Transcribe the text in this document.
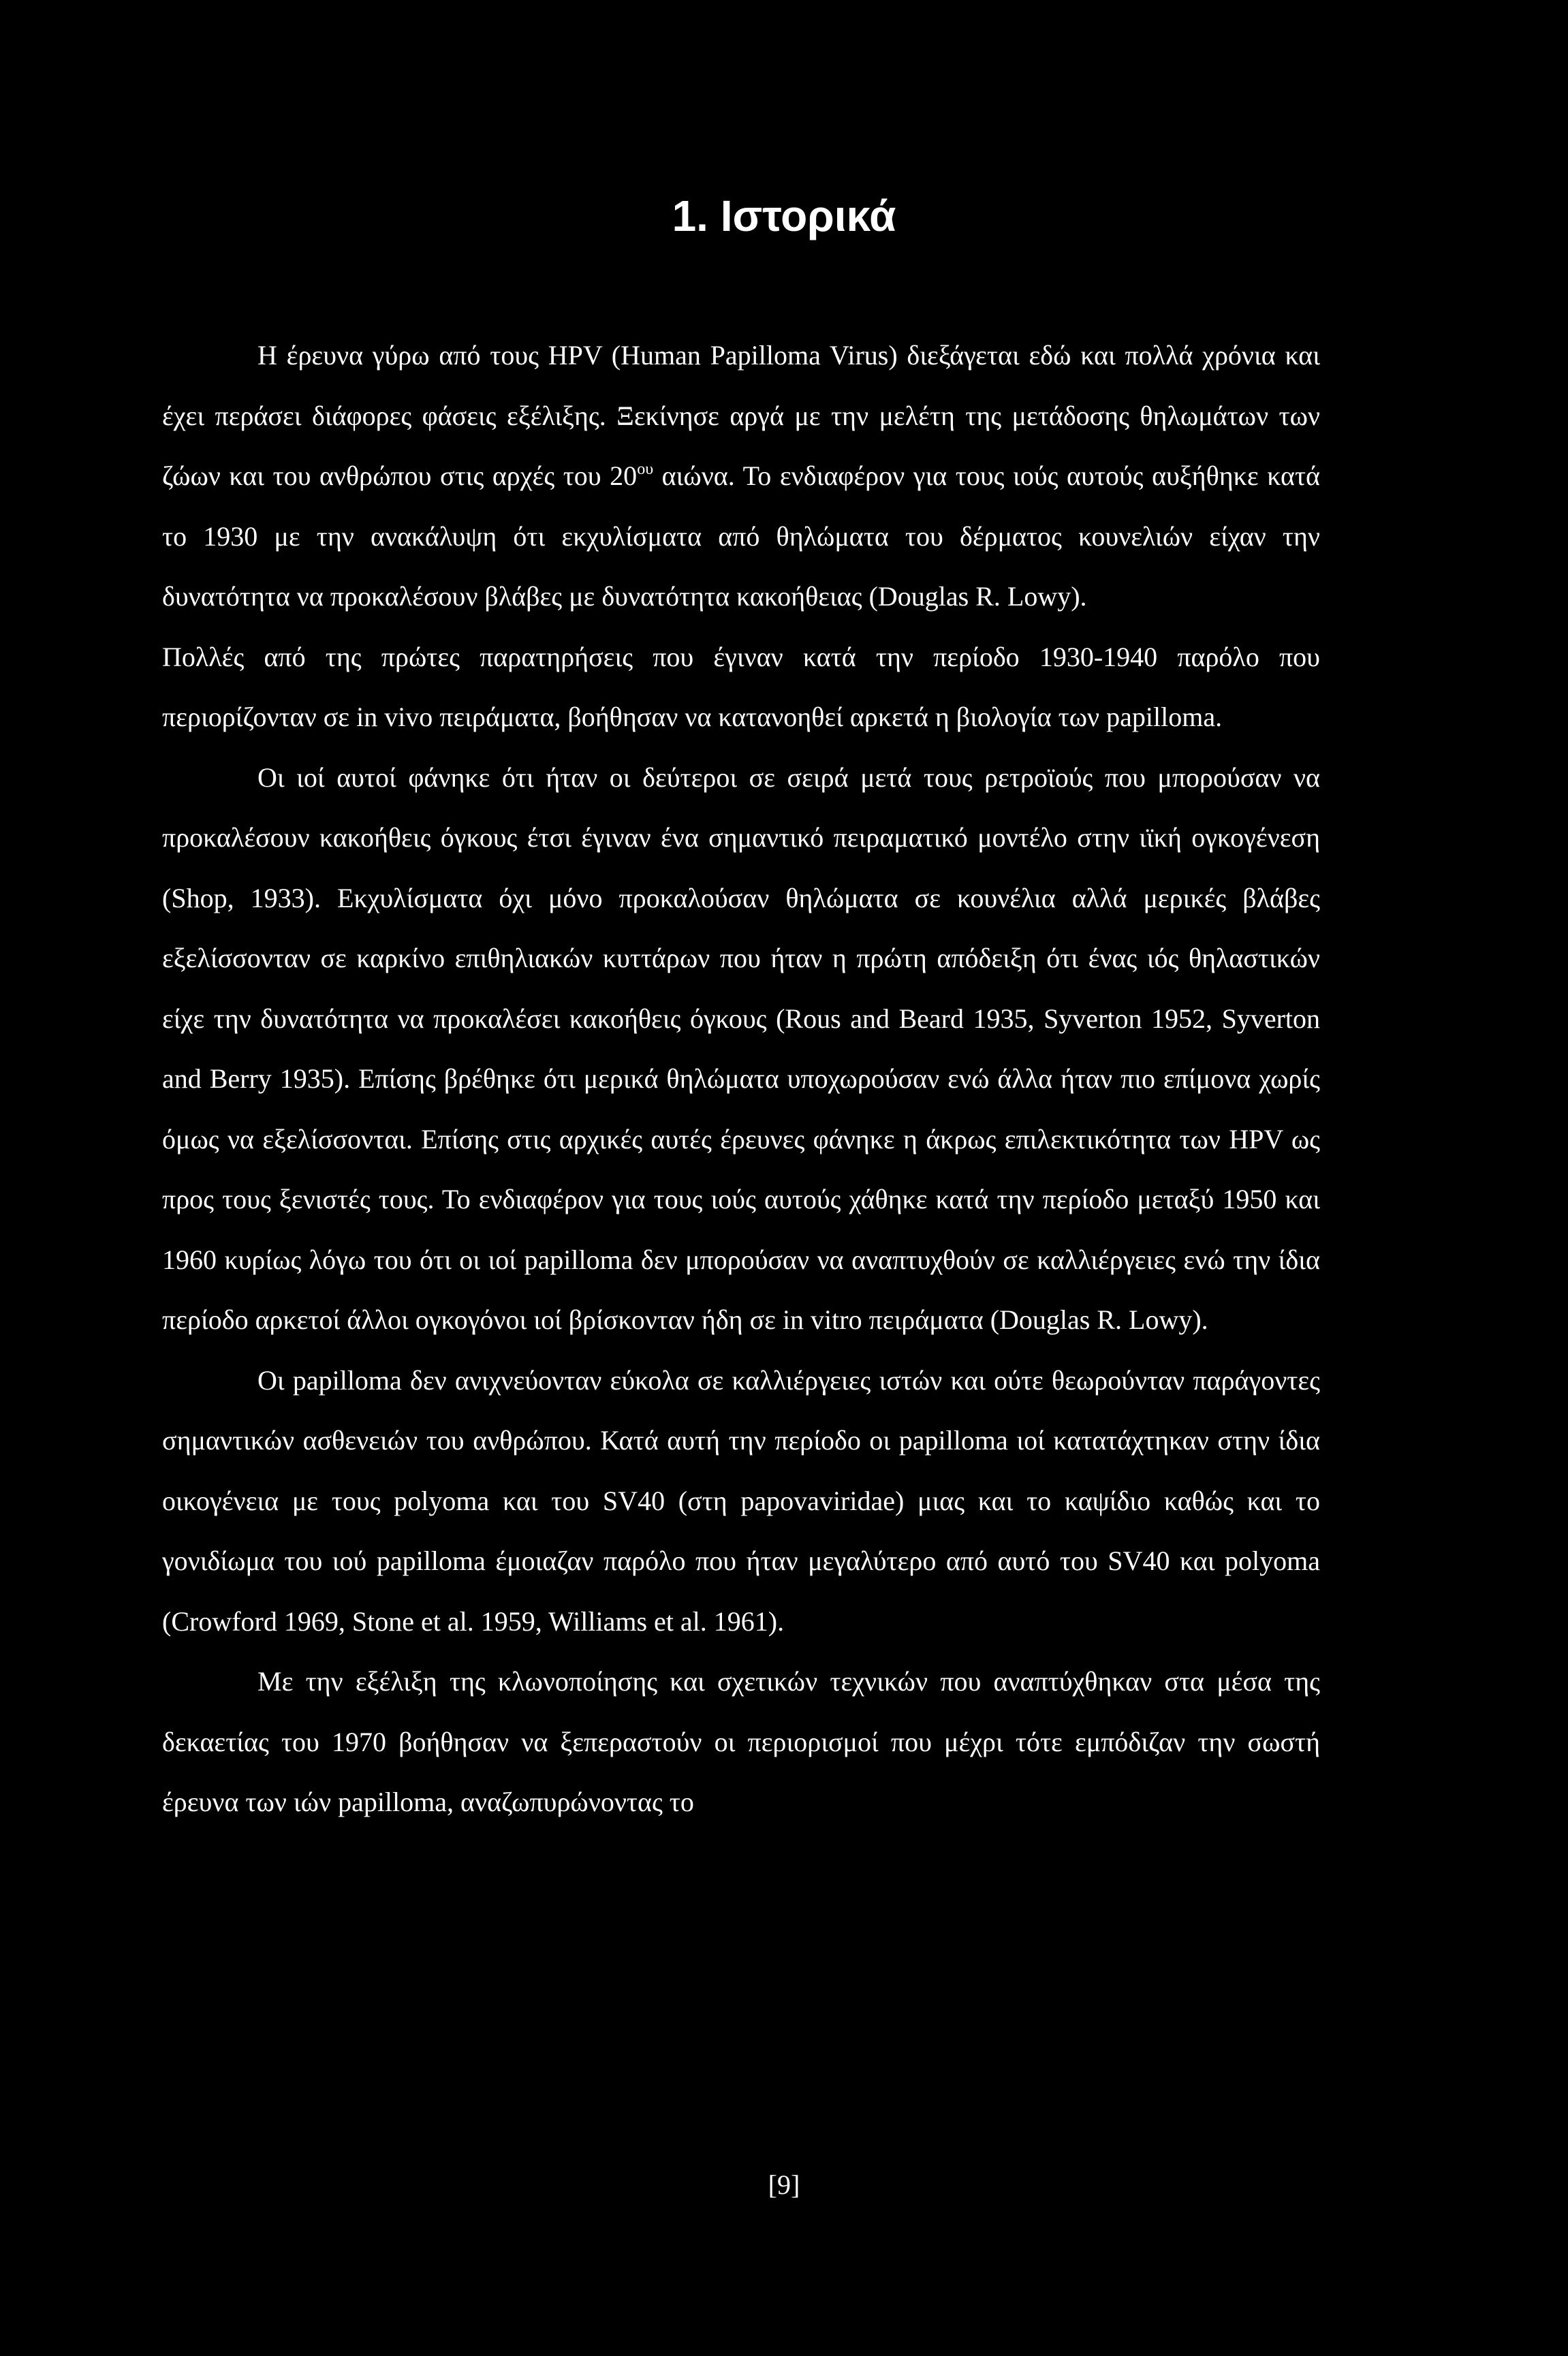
1. Ιστορικά

Η έρευνα γύρω από τους HPV (Human Papilloma Virus) διεξάγεται εδώ και πολλά χρόνια και έχει περάσει διάφορες φάσεις εξέλιξης. Ξεκίνησε αργά με την μελέτη της μετάδοσης θηλωμάτων των ζώων και του ανθρώπου στις αρχές του $20^{o\upsilon}$ αιώνα. Το ενδιαφέρον για τους ιούς αυτούς αυξήθηκε κατά το 1930 με την ανακάλυψη ότι εκχυλίσματα από θηλώματα του δέρματος κουνελιών είχαν την δυνατότητα να προκαλέσουν βλάβες με δυνατότητα κακοήθειας (Douglas R. Lowy).

Πολλές από της πρώτες παρατηρήσεις που έγιναν κατά την περίοδο 1930-1940 παρόλο που περιορίζονταν σε in vivo πειράματα, βοήθησαν να κατανοηθεί αρκετά η βιολογία των papilloma.

Οι ιοί αυτοί φάνηκε ότι ήταν οι δεύτεροι σε σειρά μετά τους ρετροϊούς που μπορούσαν να προκαλέσουν κακοήθεις όγκους έτσι έγιναν ένα σημαντικό πειραματικό μοντέλο στην ιϊκή ογκογένεση (Shop, 1933). Εκχυλίσματα όχι μόνο προκαλούσαν θηλώματα σε κουνέλια αλλά μερικές βλάβες εξελίσσονταν σε καρκίνο επιθηλιακών κυττάρων που ήταν η πρώτη απόδειξη ότι ένας ιός θηλαστικών είχε την δυνατότητα να προκαλέσει κακοήθεις όγκους (Rous and Beard 1935, Syverton 1952, Syverton and Berry 1935). Επίσης βρέθηκε ότι μερικά θηλώματα υποχωρούσαν ενώ άλλα ήταν πιο επίμονα χωρίς όμως να εξελίσσονται. Επίσης στις αρχικές αυτές έρευνες φάνηκε η άκρως επιλεκτικότητα των HPV ως προς τους ξενιστές τους. Το ενδιαφέρον για τους ιούς αυτούς χάθηκε κατά την περίοδο μεταξύ 1950 και 1960 κυρίως λόγω του ότι οι ιοί papilloma δεν μπορούσαν να αναπτυχθούν σε καλλιέργειες ενώ την ίδια περίοδο αρκετοί άλλοι ογκογόνοι ιοί βρίσκονταν ήδη σε in vitro πειράματα (Douglas R. Lowy).

Οι papilloma δεν ανιχνεύονταν εύκολα σε καλλιέργειες ιστών και ούτε θεωρούνταν παράγοντες σημαντικών ασθενειών του ανθρώπου. Κατά αυτή την περίοδο οι papilloma ιοί κατατάχτηκαν στην ίδια οικογένεια με τους polyoma και του SV40 (στη papovaviridae) μιας και το καψίδιο καθώς και το γονιδίωμα του ιού papilloma έμοιαζαν παρόλο που ήταν μεγαλύτερο από αυτό του SV40 και polyoma (Crowford 1969, Stone et al. 1959, Williams et al. 1961).

Με την εξέλιξη της κλωνοποίησης και σχετικών τεχνικών που αναπτύχθηκαν στα μέσα της δεκαετίας του 1970 βοήθησαν να ξεπεραστούν οι περιορισμοί που μέχρι τότε εμπόδιζαν την σωστή έρευνα των ιών papilloma, αναζωπυρώνοντας το

[9]
